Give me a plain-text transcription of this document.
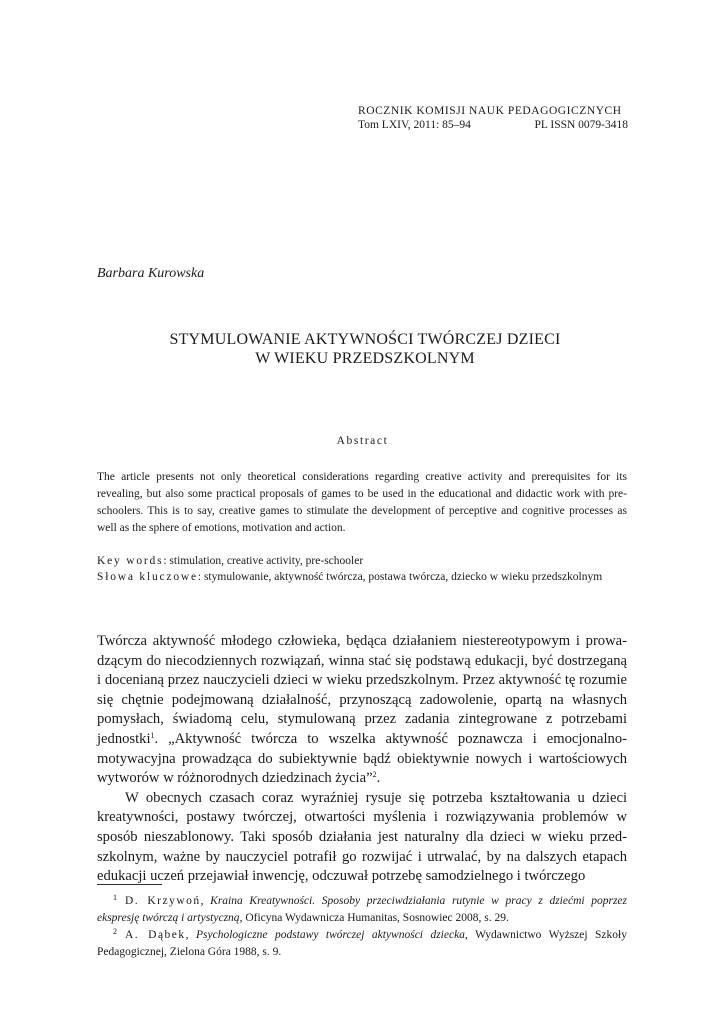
ROCZNIK KOMISJI NAUK PEDAGOGICZNYCH
Tom LXIV, 2011: 85–94	PL ISSN 0079-3418
Barbara Kurowska
STYMULOWANIE AKTYWNOŚCI TWÓRCZEJ DZIECI
W WIEKU PRZEDSZKOLNYM
Abstract
The article presents not only theoretical considerations regarding creative activity and prerequisites for its revealing, but also some practical proposals of games to be used in the educational and didactic work with preschoolers. This is to say, creative games to stimulate the development of perceptive and cognitive processes as well as the sphere of emotions, motivation and action.
Key words: stimulation, creative activity, pre-schooler
Słowa kluczowe: stymulowanie, aktywność twórcza, postawa twórcza, dziecko w wieku przedszkolnym

Twórcza aktywność młodego człowieka, będąca działaniem niestereotypowym i prowadzącym do niecodziennych rozwiązań, winna stać się podstawą edukacji, być dostrzeganą i docenianą przez nauczycieli dzieci w wieku przedszkolnym. Przez aktywność tę rozumie się chętnie podejmowaną działalność, przynoszącą zadowolenie, opartą na własnych pomysłach, świadomą celu, stymulowaną przez zadania zintegrowane z potrzebami jednostki$^1$. „Aktywność twórcza to wszelka aktywność poznawcza i emocjonalno-motywacyjna prowadząca do subiektywnie bądź obiektywnie nowych i wartościowych wytworów w różnorodnych dziedzinach życia”$^2$.

W obecnych czasach coraz wyraźniej rysuje się potrzeba kształtowania u dzieci kreatywności, postawy twórczej, otwartości myślenia i rozwiązywania problemów w sposób nieszablonowy. Taki sposób działania jest naturalny dla dzieci w wieku przedszkolnym, ważne by nauczyciel potrafił go rozwijać i utrwalać, by na dalszych etapach edukacji uczeń przejawiał inwencję, odczuwał potrzebę samodzielnego i twórczego

1 D. Krzywoń, Kraina Kreatywności. Sposoby przeciwdziałania rutynie w pracy z dziećmi poprzez ekspresję twórczą i artystyczną, Oficyna Wydawnicza Humanitas, Sosnowiec 2008, s. 29.
2 A. Dąbek, Psychologiczne podstawy twórczej aktywności dziecka, Wydawnictwo Wyższej Szkoły Pedagogicznej, Zielona Góra 1988, s. 9.
